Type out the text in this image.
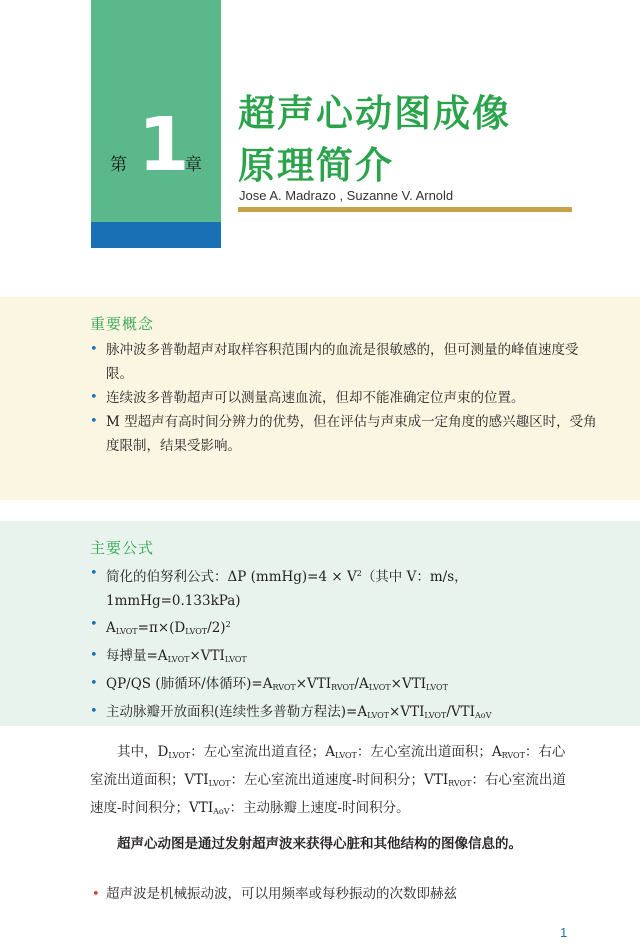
第 1
章
超声心动图成像
原理简介
Jose A. Madrazo , Suzanne V. Arnold
重要概念
• 脉冲波多普勒超声对取样容积范围内的血流是很敏感的，但可测量的峰值速度受限。
• 连续波多普勒超声可以测量高速血流，但却不能准确定位声束的位置。
• M 型超声有高时间分辨力的优势，但在评估与声束成一定角度的感兴趣区时，受角度限制，结果受影响。
主要公式
• 简化的伯努利公式：ΔP (mmHg)=4 × $V^2$（其中 V：m/s，1mmHg=0.133kPa)
• $A_{LVOT}=\pi\times(D_{LVOT}/2)^2$
• 每搏量$=A_{LVOT}\times VTI_{LVOT}$
• QP/QS (肺循环/体循环)$=A_{RVOT}\times VTI_{RVOT}/A_{LVOT}\times VTI_{LVOT}$
• 主动脉瓣开放面积(连续性多普勒方程法)$=A_{LVOT}\times VTI_{LVOT}/VTI_{AoV}$

其中，$D_{LVOT}$：左心室流出道直径；$A_{LVOT}$：左心室流出道面积；$A_{RVOT}$：右心室流出道面积；$VTI_{LVOT}$：左心室流出道速度-时间积分；$VTI_{RVOT}$：右心室流出道速度-时间积分；$VTI_{AoV}$：主动脉瓣上速度-时间积分。

超声心动图是通过发射超声波来获得心脏和其他结构的图像信息的。

• 超声波是机械振动波，可以用频率或每秒振动的次数即赫兹

1
